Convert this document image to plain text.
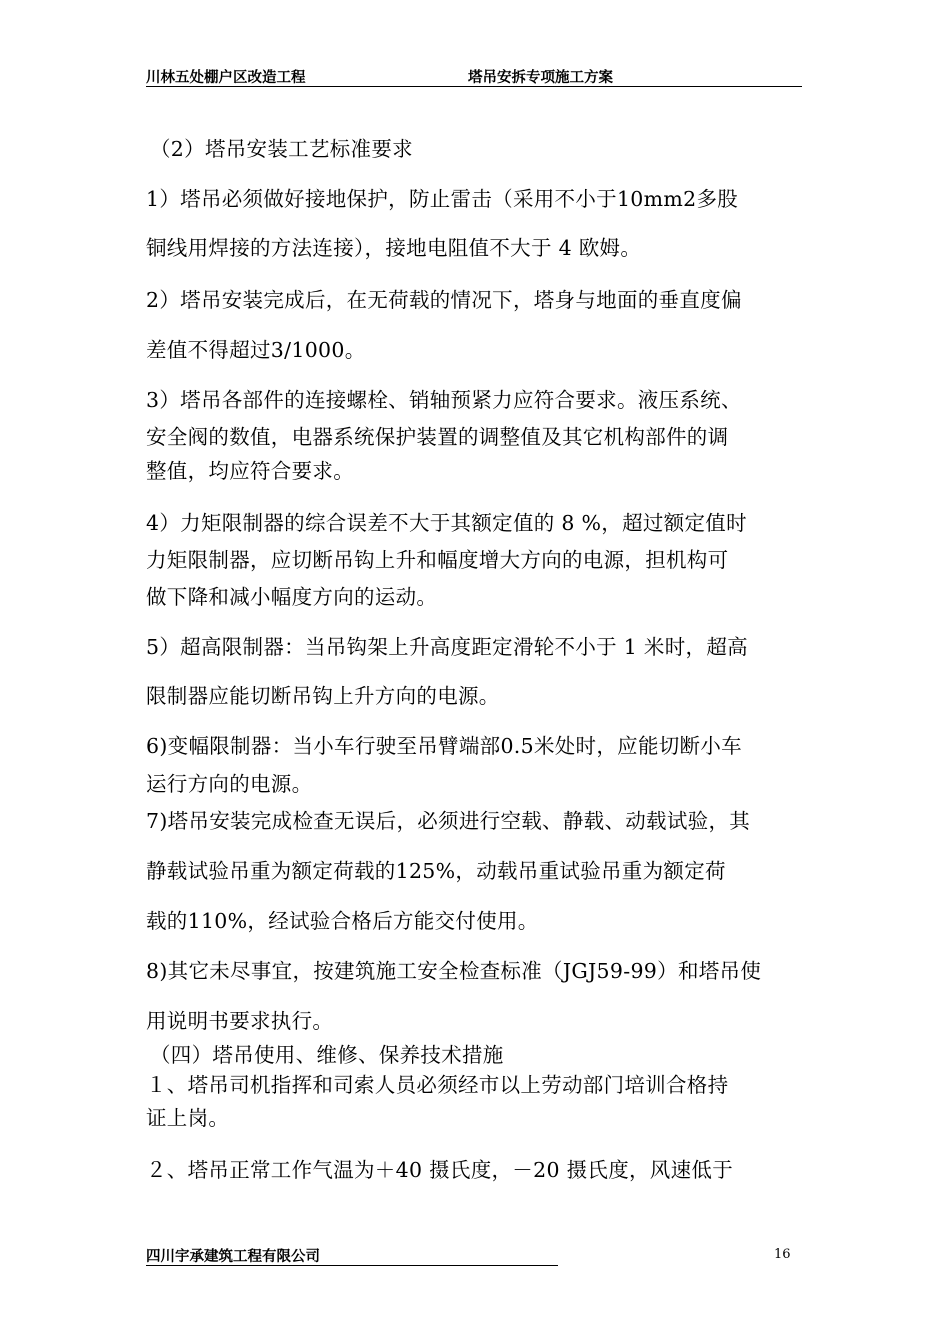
川林五处棚户区改造工程	塔吊安拆专项施工方案
（2）塔吊安装工艺标准要求
1）塔吊必须做好接地保护，防止雷击（采用不小于10mm2多股
铜线用焊接的方法连接），接地电阻值不大于 4 欧姆。
2）塔吊安装完成后，在无荷载的情况下，塔身与地面的垂直度偏
差值不得超过3/1000。
3）塔吊各部件的连接螺栓、销轴预紧力应符合要求。液压系统、
安全阀的数值，电器系统保护装置的调整值及其它机构部件的调
整值，均应符合要求。
4）力矩限制器的综合误差不大于其额定值的 8 %，超过额定值时
力矩限制器，应切断吊钩上升和幅度增大方向的电源，担机构可
做下降和减小幅度方向的运动。
5）超高限制器：当吊钩架上升高度距定滑轮不小于 1 米时，超高
限制器应能切断吊钩上升方向的电源。
6)变幅限制器：当小车行驶至吊臂端部0.5米处时，应能切断小车
运行方向的电源。
7)塔吊安装完成检查无误后，必须进行空载、静载、动载试验，其
静载试验吊重为额定荷载的125%，动载吊重试验吊重为额定荷
载的110%，经试验合格后方能交付使用。
8)其它未尽事宜，按建筑施工安全检查标准（JGJ59-99）和塔吊使
用说明书要求执行。
（四）塔吊使用、维修、保养技术措施
１、塔吊司机指挥和司索人员必须经市以上劳动部门培训合格持
证上岗。
２、塔吊正常工作气温为＋40 摄氏度，－20 摄氏度，风速低于
四川宇承建筑工程有限公司	16
